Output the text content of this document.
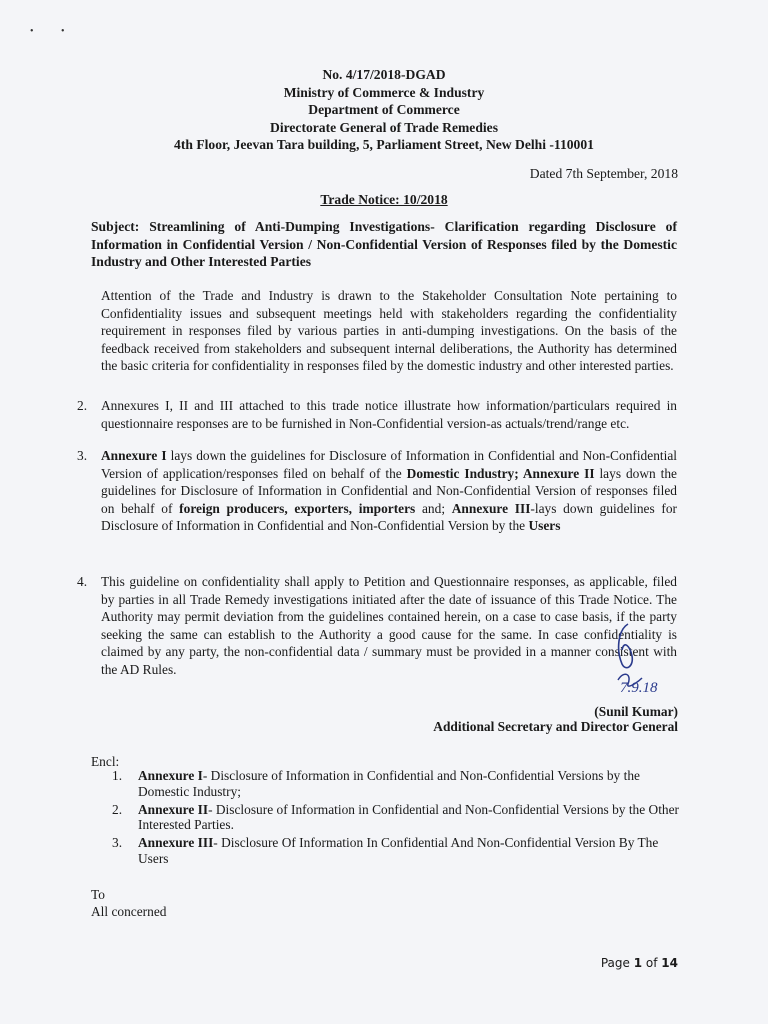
•           •
No. 4/17/2018-DGAD
Ministry of Commerce & Industry
Department of Commerce
Directorate General of Trade Remedies
4th Floor, Jeevan Tara building, 5, Parliament Street, New Delhi -110001
Dated 7th September, 2018
Trade Notice: 10/2018
Subject: Streamlining of Anti-Dumping Investigations- Clarification regarding Disclosure of Information in Confidential Version / Non-Confidential Version of Responses filed by the Domestic Industry and Other Interested Parties
Attention of the Trade and Industry is drawn to the Stakeholder Consultation Note pertaining to Confidentiality issues and subsequent meetings held with stakeholders regarding the confidentiality requirement in responses filed by various parties in anti-dumping investigations. On the basis of the feedback received from stakeholders and subsequent internal deliberations, the Authority has determined the basic criteria for confidentiality in responses filed by the domestic industry and other interested parties.
2. Annexures I, II and III attached to this trade notice illustrate how information/particulars required in questionnaire responses are to be furnished in Non-Confidential version-as actuals/trend/range etc.
3. Annexure I lays down the guidelines for Disclosure of Information in Confidential and Non-Confidential Version of application/responses filed on behalf of the Domestic Industry; Annexure II lays down the guidelines for Disclosure of Information in Confidential and Non-Confidential Version of responses filed on behalf of foreign producers, exporters, importers and; Annexure III-lays down guidelines for Disclosure of Information in Confidential and Non-Confidential Version by the Users
4. This guideline on confidentiality shall apply to Petition and Questionnaire responses, as applicable, filed by parties in all Trade Remedy investigations initiated after the date of issuance of this Trade Notice. The Authority may permit deviation from the guidelines contained herein, on a case to case basis, if the party seeking the same can establish to the Authority a good cause for the same. In case confidentiality is claimed by any party, the non-confidential data / summary must be provided in a manner consistent with the AD Rules.
7.9.18
(Sunil Kumar)
Additional Secretary and Director General
Encl:
1.	Annexure I- Disclosure of Information in Confidential and Non-Confidential Versions by the Domestic Industry;
2.	Annexure II- Disclosure of Information in Confidential and Non-Confidential Versions by the Other Interested Parties.
3.	Annexure III- Disclosure Of Information In Confidential And Non-Confidential Version By The Users
To
All concerned
Page 1 of 14
